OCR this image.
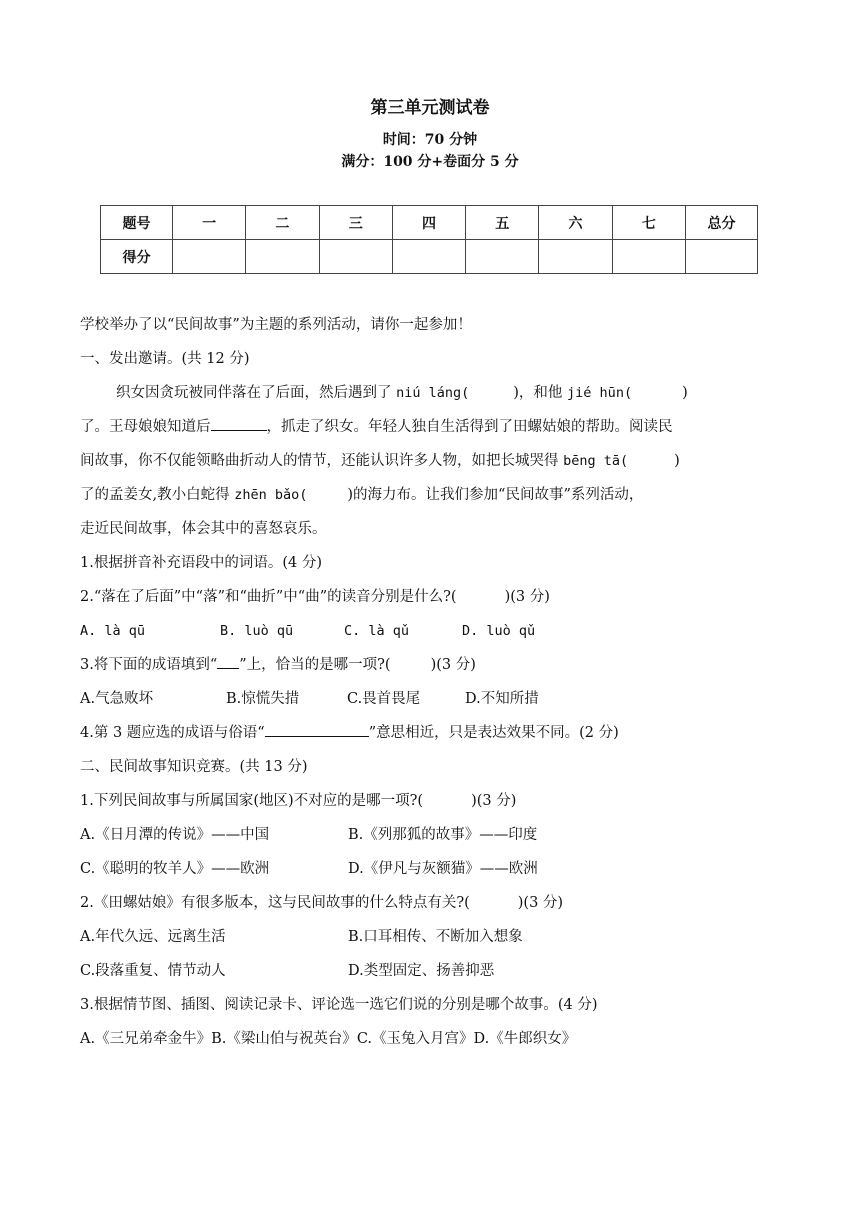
第三单元测试卷
时间：70 分钟
满分：100 分+卷面分 5 分
题号	一	二	三	四	五	六	七	总分
得分								
学校举办了以“民间故事”为主题的系列活动，请你一起参加！
一、发出邀请。(共 12 分)
织女因贪玩被同伴落在了后面，然后遇到了 niú láng(	)，和他 jié hūn(	)
了。王母娘娘知道后	，抓走了织女。年轻人独自生活得到了田螺姑娘的帮助。阅读民
间故事，你不仅能领略曲折动人的情节，还能认识许多人物，如把长城哭得 bēng tā(	)
了的孟姜女,教小白蛇得 zhēn bǎo(	)的海力布。让我们参加“民间故事”系列活动，
走近民间故事，体会其中的喜怒哀乐。
1.根据拼音补充语段中的词语。(4 分)
2.“落在了后面”中“落”和“曲折”中“曲”的读音分别是什么?(	)(3 分)
A. là qū	B. luò qū	C. là qǔ	D. luò qǔ
3.将下面的成语填到“ ”上，恰当的是哪一项?(	)(3 分)
A.气急败坏	B.惊慌失措	C.畏首畏尾	D.不知所措
4.第 3 题应选的成语与俗语“	”意思相近，只是表达效果不同。(2 分)
二、民间故事知识竞赛。(共 13 分)
1.下列民间故事与所属国家(地区)不对应的是哪一项?(	)(3 分)
A.《日月潭的传说》——中国	B.《列那狐的故事》——印度
C.《聪明的牧羊人》——欧洲	D.《伊凡与灰额猫》——欧洲
2.《田螺姑娘》有很多版本，这与民间故事的什么特点有关?(	)(3 分)
A.年代久远、远离生活	B.口耳相传、不断加入想象
C.段落重复、情节动人	D.类型固定、扬善抑恶
3.根据情节图、插图、阅读记录卡、评论选一选它们说的分别是哪个故事。(4 分)
A.《三兄弟牵金牛》B.《梁山伯与祝英台》C.《玉兔入月宫》D.《牛郎织女》
